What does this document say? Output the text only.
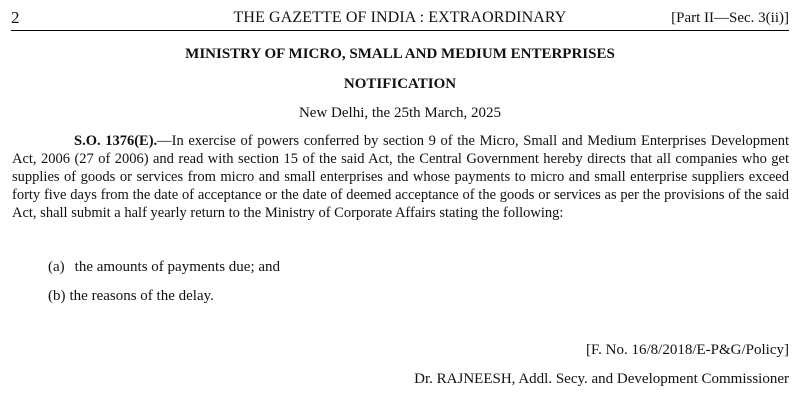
2	THE GAZETTE OF INDIA : EXTRAORDINARY	[Part II—Sec. 3(ii)]
MINISTRY OF MICRO, SMALL AND MEDIUM ENTERPRISES
NOTIFICATION
New Delhi, the 25th March, 2025

S.O. 1376(E).—In exercise of powers conferred by section 9 of the Micro, Small and Medium Enterprises Development Act, 2006 (27 of 2006) and read with section 15 of the said Act, the Central Government hereby directs that all companies who get supplies of goods or services from micro and small enterprises and whose payments to micro and small enterprise suppliers exceed forty five days from the date of acceptance or the date of deemed acceptance of the goods or services as per the provisions of the said Act, shall submit a half yearly return to the Ministry of Corporate Affairs stating the following:

(a) the amounts of payments due; and
(b) the reasons of the delay.
[F. No. 16/8/2018/E-P&G/Policy]
Dr. RAJNEESH, Addl. Secy. and Development Commissioner
